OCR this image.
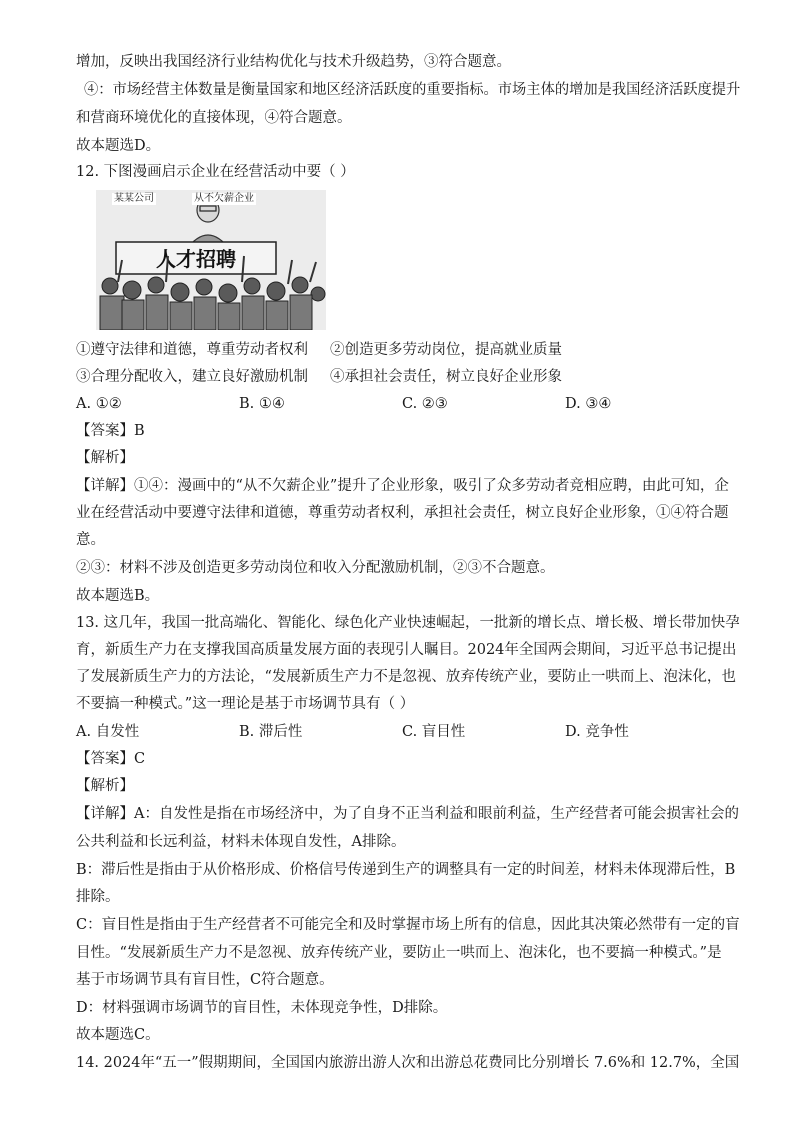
增加，反映出我国经济行业结构优化与技术升级趋势，③符合题意。
④：市场经营主体数量是衡量国家和地区经济活跃度的重要指标。市场主体的增加是我国经济活跃度提升
和营商环境优化的直接体现，④符合题意。
故本题选D。
12. 下图漫画启示企业在经营活动中要（ ）
人才招聘
某某公司	从不欠薪企业
①遵守法律和道德，尊重劳动者权利 ②创造更多劳动岗位，提高就业质量
③合理分配收入，建立良好激励机制 ④承担社会责任，树立良好企业形象
A. ①②	B. ①④	C. ②③	D. ③④
【答案】B
【解析】
【详解】①④：漫画中的“从不欠薪企业”提升了企业形象，吸引了众多劳动者竞相应聘，由此可知，企
业在经营活动中要遵守法律和道德，尊重劳动者权利，承担社会责任，树立良好企业形象，①④符合题
意。
②③：材料不涉及创造更多劳动岗位和收入分配激励机制，②③不合题意。
故本题选B。
13. 这几年，我国一批高端化、智能化、绿色化产业快速崛起，一批新的增长点、增长极、增长带加快孕
育，新质生产力在支撑我国高质量发展方面的表现引人瞩目。2024年全国两会期间，习近平总书记提出
了发展新质生产力的方法论，“发展新质生产力不是忽视、放弃传统产业，要防止一哄而上、泡沫化，也
不要搞一种模式。”这一理论是基于市场调节具有（ ）
A. 自发性	B. 滞后性	C. 盲目性	D. 竞争性
【答案】C
【解析】
【详解】A：自发性是指在市场经济中，为了自身不正当利益和眼前利益，生产经营者可能会损害社会的
公共利益和长远利益，材料未体现自发性，A排除。
B：滞后性是指由于从价格形成、价格信号传递到生产的调整具有一定的时间差，材料未体现滞后性，B
排除。
C：盲目性是指由于生产经营者不可能完全和及时掌握市场上所有的信息，因此其决策必然带有一定的盲
目性。“发展新质生产力不是忽视、放弃传统产业，要防止一哄而上、泡沫化，也不要搞一种模式。”是
基于市场调节具有盲目性，C符合题意。
D：材料强调市场调节的盲目性，未体现竞争性，D排除。
故本题选C。
14. 2024年“五一”假期期间，全国国内旅游出游人次和出游总花费同比分别增长 7.6%和 12.7%，全国
